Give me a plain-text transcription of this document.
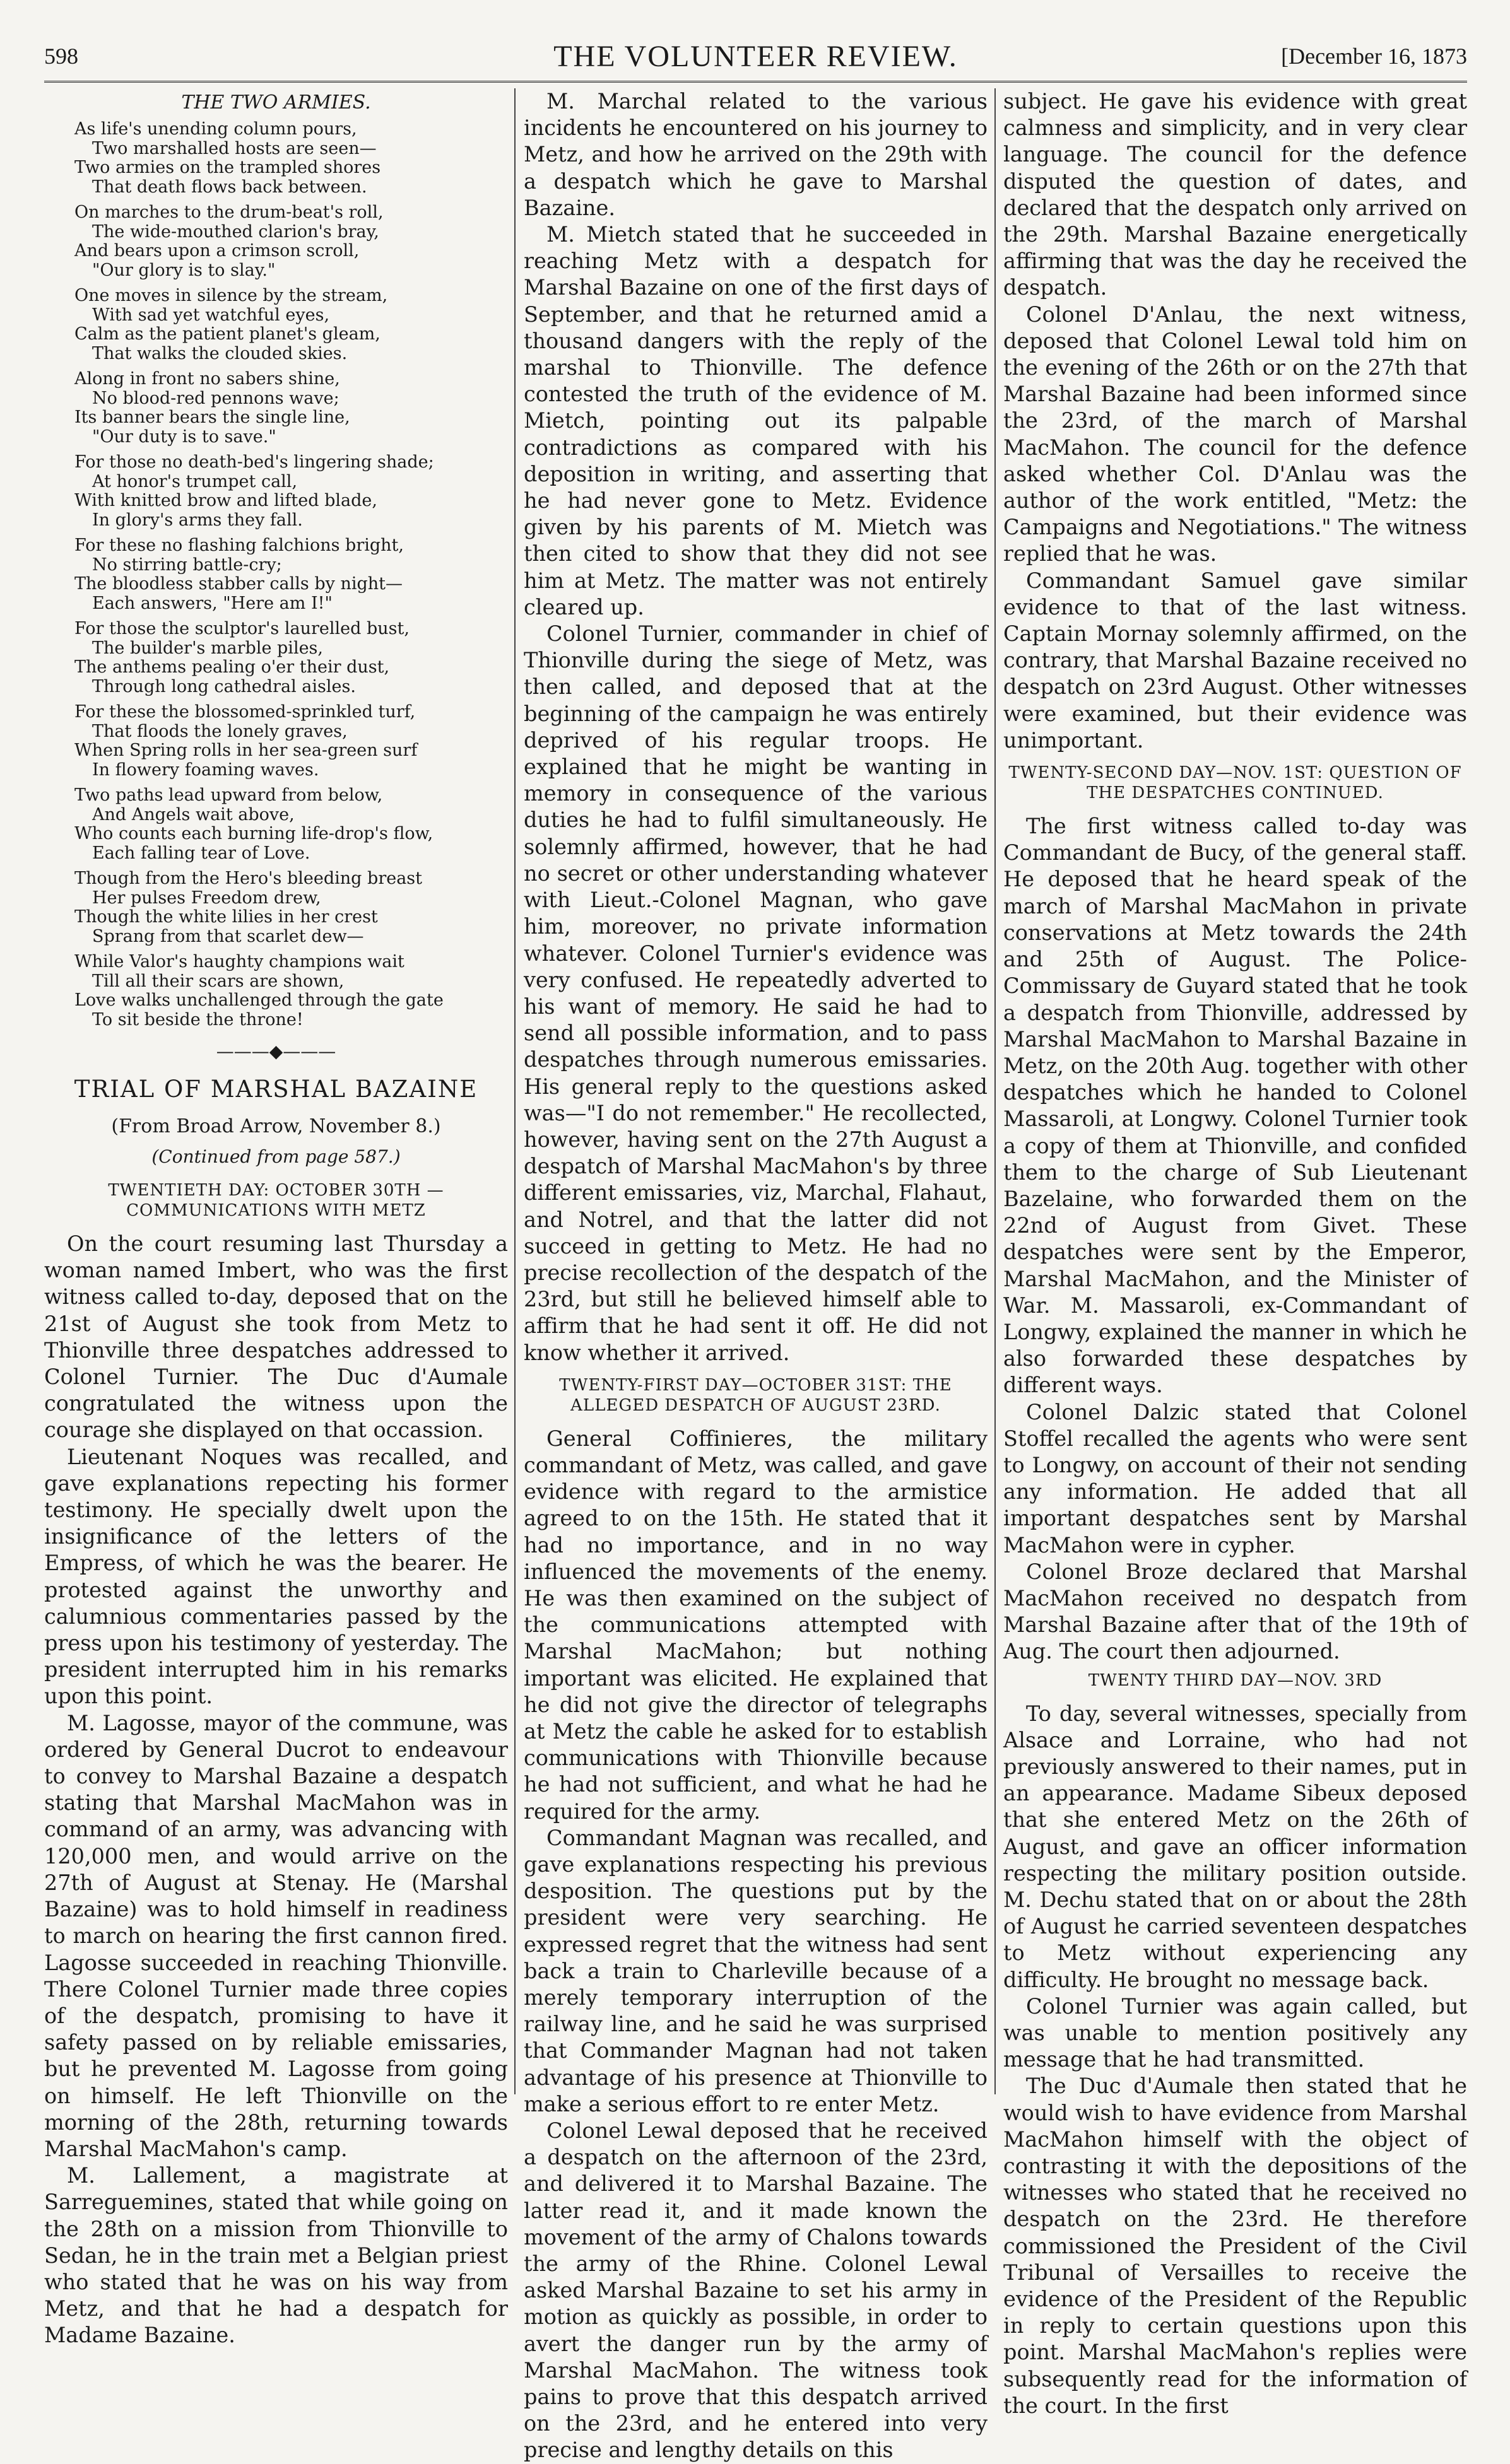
598	THE VOLUNTEER REVIEW.	[December 16, 1873
THE TWO ARMIES.
As life's unending column pours,
Two marshalled hosts are seen—
Two armies on the trampled shores
That death flows back between.
On marches to the drum-beat's roll,
The wide-mouthed clarion's bray,
And bears upon a crimson scroll,
"Our glory is to slay."
One moves in silence by the stream,
With sad yet watchful eyes,
Calm as the patient planet's gleam,
That walks the clouded skies.
Along in front no sabers shine,
No blood-red pennons wave;
Its banner bears the single line,
"Our duty is to save."
For those no death-bed's lingering shade;
At honor's trumpet call,
With knitted brow and lifted blade,
In glory's arms they fall.
For these no flashing falchions bright,
No stirring battle-cry;
The bloodless stabber calls by night—
Each answers, "Here am I!"
For those the sculptor's laurelled bust,
The builder's marble piles,
The anthems pealing o'er their dust,
Through long cathedral aisles.
For these the blossomed-sprinkled turf,
That floods the lonely graves,
When Spring rolls in her sea-green surf
In flowery foaming waves.
Two paths lead upward from below,
And Angels wait above,
Who counts each burning life-drop's flow,
Each falling tear of Love.
Though from the Hero's bleeding breast
Her pulses Freedom drew,
Though the white lilies in her crest
Sprang from that scarlet dew—
While Valor's haughty champions wait
Till all their scars are shown,
Love walks unchallenged through the gate
To sit beside the throne!
———◆———
TRIAL OF MARSHAL BAZAINE
(From Broad Arrow, November 8.)
(Continued from page 587.)
TWENTIETH DAY: OCTOBER 30TH —COMMUNICATIONS WITH METZ

On the court resuming last Thursday a woman named Imbert, who was the first witness called to-day, deposed that on the 21st of August she took from Metz to Thionville three despatches addressed to Colonel Turnier. The Duc d'Aumale congratulated the witness upon the courage she displayed on that occassion.

Lieutenant Noques was recalled, and gave explanations repecting his former testimony. He specially dwelt upon the insignificance of the letters of the Empress, of which he was the bearer. He protested against the unworthy and calumnious commentaries passed by the press upon his testimony of yesterday. The president interrupted him in his remarks upon this point.

M. Lagosse, mayor of the commune, was ordered by General Ducrot to endeavour to convey to Marshal Bazaine a despatch stating that Marshal MacMahon was in command of an army, was advancing with 120,000 men, and would arrive on the 27th of August at Stenay. He (Marshal Bazaine) was to hold himself in readiness to march on hearing the first cannon fired. Lagosse succeeded in reaching Thionville. There Colonel Turnier made three copies of the despatch, promising to have it safety passed on by reliable emissaries, but he prevented M. Lagosse from going on himself. He left Thionville on the morning of the 28th, returning towards Marshal MacMahon's camp.

M. Lallement, a magistrate at Sarreguemines, stated that while going on the 28th on a mission from Thionville to Sedan, he in the train met a Belgian priest who stated that he was on his way from Metz, and that he had a despatch for Madame Bazaine.

M. Marchal related to the various incidents he encountered on his journey to Metz, and how he arrived on the 29th with a despatch which he gave to Marshal Bazaine.

M. Mietch stated that he succeeded in reaching Metz with a despatch for Marshal Bazaine on one of the first days of September, and that he returned amid a thousand dangers with the reply of the marshal to Thionville. The defence contested the truth of the evidence of M. Mietch, pointing out its palpable contradictions as compared with his deposition in writing, and asserting that he had never gone to Metz. Evidence given by his parents of M. Mietch was then cited to show that they did not see him at Metz. The matter was not entirely cleared up.

Colonel Turnier, commander in chief of Thionville during the siege of Metz, was then called, and deposed that at the beginning of the campaign he was entirely deprived of his regular troops. He explained that he might be wanting in memory in consequence of the various duties he had to fulfil simultaneously. He solemnly affirmed, however, that he had no secret or other understanding whatever with Lieut.-Colonel Magnan, who gave him, moreover, no private information whatever. Colonel Turnier's evidence was very confused. He repeatedly adverted to his want of memory. He said he had to send all possible information, and to pass despatches through numerous emissaries. His general reply to the questions asked was—"I do not remember." He recollected, however, having sent on the 27th August a despatch of Marshal MacMahon's by three different emissaries, viz, Marchal, Flahaut, and Notrel, and that the latter did not succeed in getting to Metz. He had no precise recollection of the despatch of the 23rd, but still he believed himself able to affirm that he had sent it off. He did not know whether it arrived.

TWENTY-FIRST DAY—OCTOBER 31ST: THE ALLEGED DESPATCH OF AUGUST 23RD.

General Coffinieres, the military commandant of Metz, was called, and gave evidence with regard to the armistice agreed to on the 15th. He stated that it had no importance, and in no way influenced the movements of the enemy. He was then examined on the subject of the communications attempted with Marshal MacMahon; but nothing important was elicited. He explained that he did not give the director of telegraphs at Metz the cable he asked for to establish communications with Thionville because he had not sufficient, and what he had he required for the army.

Commandant Magnan was recalled, and gave explanations respecting his previous desposition. The questions put by the president were very searching. He expressed regret that the witness had sent back a train to Charleville because of a merely temporary interruption of the railway line, and he said he was surprised that Commander Magnan had not taken advantage of his presence at Thionville to make a serious effort to re enter Metz.

Colonel Lewal deposed that he received a despatch on the afternoon of the 23rd, and delivered it to Marshal Bazaine. The latter read it, and it made known the movement of the army of Chalons towards the army of the Rhine. Colonel Lewal asked Marshal Bazaine to set his army in motion as quickly as possible, in order to avert the danger run by the army of Marshal MacMahon. The witness took pains to prove that this despatch arrived on the 23rd, and he entered into very precise and lengthy details on this

subject. He gave his evidence with great calmness and simplicity, and in very clear language. The council for the defence disputed the question of dates, and declared that the despatch only arrived on the 29th. Marshal Bazaine energetically affirming that was the day he received the despatch.

Colonel D'Anlau, the next witness, deposed that Colonel Lewal told him on the evening of the 26th or on the 27th that Marshal Bazaine had been informed since the 23rd, of the march of Marshal MacMahon. The council for the defence asked whether Col. D'Anlau was the author of the work entitled, "Metz: the Campaigns and Negotiations." The witness replied that he was.

Commandant Samuel gave similar evidence to that of the last witness. Captain Mornay solemnly affirmed, on the contrary, that Marshal Bazaine received no despatch on 23rd August. Other witnesses were examined, but their evidence was unimportant.

TWENTY-SECOND DAY—NOV. 1ST: QUESTION OF THE DESPATCHES CONTINUED.

The first witness called to-day was Commandant de Bucy, of the general staff. He deposed that he heard speak of the march of Marshal MacMahon in private conservations at Metz towards the 24th and 25th of August. The Police-Commissary de Guyard stated that he took a despatch from Thionville, addressed by Marshal MacMahon to Marshal Bazaine in Metz, on the 20th Aug. together with other despatches which he handed to Colonel Massaroli, at Longwy. Colonel Turnier took a copy of them at Thionville, and confided them to the charge of Sub Lieutenant Bazelaine, who forwarded them on the 22nd of August from Givet. These despatches were sent by the Emperor, Marshal MacMahon, and the Minister of War. M. Massaroli, ex-Commandant of Longwy, explained the manner in which he also forwarded these despatches by different ways.

Colonel Dalzic stated that Colonel Stoffel recalled the agents who were sent to Longwy, on account of their not sending any information. He added that all important despatches sent by Marshal MacMahon were in cypher.

Colonel Broze declared that Marshal MacMahon received no despatch from Marshal Bazaine after that of the 19th of Aug. The court then adjourned.

TWENTY THIRD DAY—NOV. 3RD

To day, several witnesses, specially from Alsace and Lorraine, who had not previously answered to their names, put in an appearance. Madame Sibeux deposed that she entered Metz on the 26th of August, and gave an officer information respecting the military position outside. M. Dechu stated that on or about the 28th of August he carried seventeen despatches to Metz without experiencing any difficulty. He brought no message back.

Colonel Turnier was again called, but was unable to mention positively any message that he had transmitted.

The Duc d'Aumale then stated that he would wish to have evidence from Marshal MacMahon himself with the object of contrasting it with the depositions of the witnesses who stated that he received no despatch on the 23rd. He therefore commissioned the President of the Civil Tribunal of Versailles to receive the evidence of the President of the Republic in reply to certain questions upon this point. Marshal MacMahon's replies were subsequently read for the information of the court. In the first
